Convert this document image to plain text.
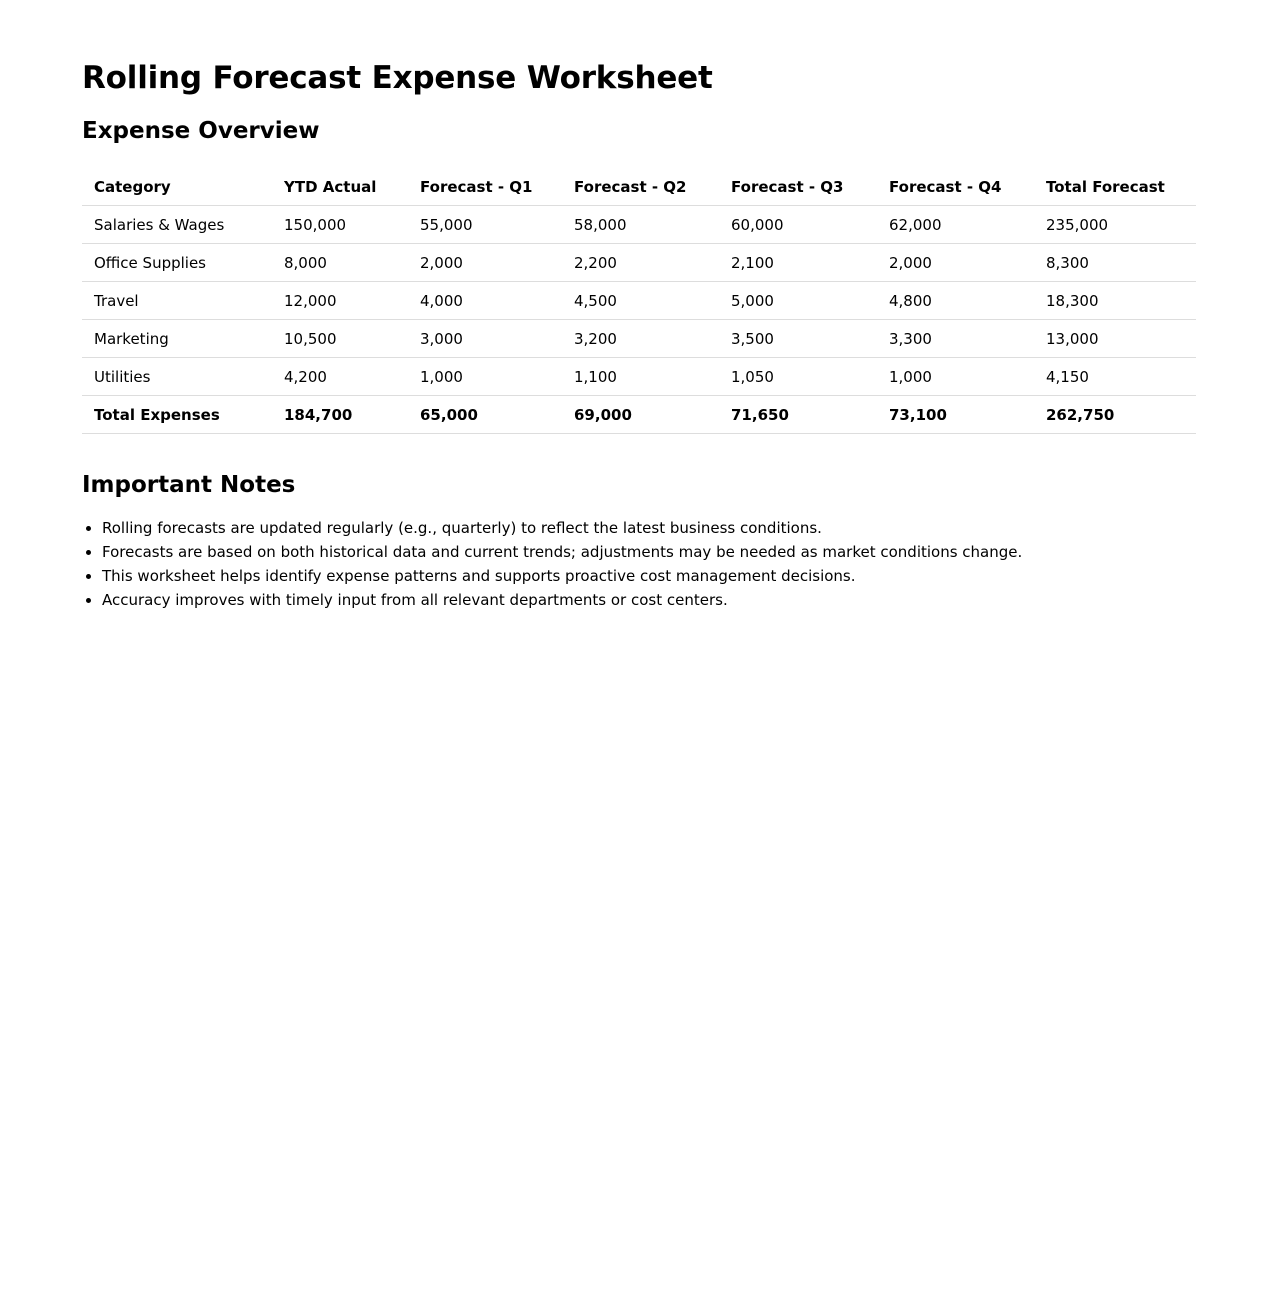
Rolling Forecast Expense Worksheet
Expense Overview
Category	YTD Actual	Forecast - Q1	Forecast - Q2	Forecast - Q3	Forecast - Q4	Total Forecast
Salaries & Wages	150,000	55,000	58,000	60,000	62,000	235,000
Office Supplies	8,000	2,000	2,200	2,100	2,000	8,300
Travel	12,000	4,000	4,500	5,000	4,800	18,300
Marketing	10,500	3,000	3,200	3,500	3,300	13,000
Utilities	4,200	1,000	1,100	1,050	1,000	4,150
Total Expenses	184,700	65,000	69,000	71,650	73,100	262,750
Important Notes
• Rolling forecasts are updated regularly (e.g., quarterly) to reflect the latest business conditions.
• Forecasts are based on both historical data and current trends; adjustments may be needed as market conditions change.
• This worksheet helps identify expense patterns and supports proactive cost management decisions.
• Accuracy improves with timely input from all relevant departments or cost centers.
